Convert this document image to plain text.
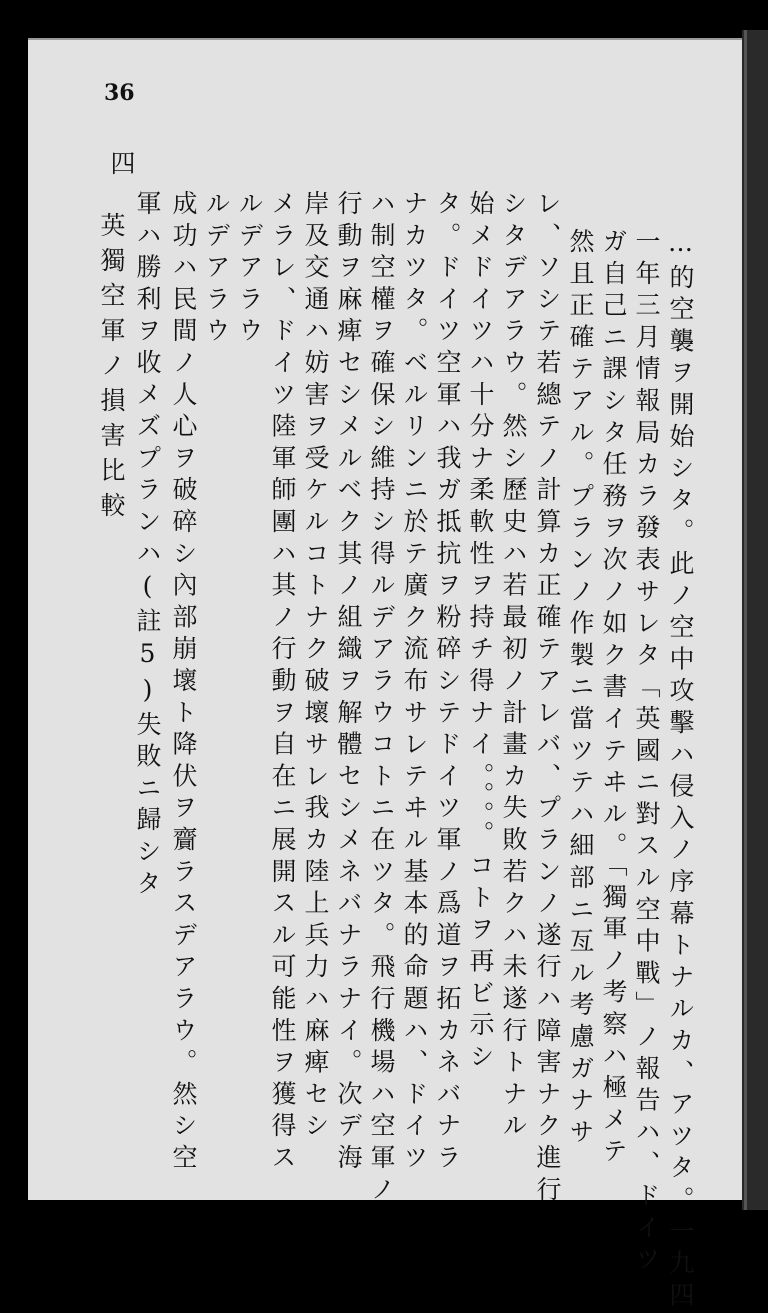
36
…的空襲ヲ開始シタ。此ノ空中攻擊ハ侵入ノ序幕トナルカ、アツタ。一九四
一年三月情報局カラ發表サレタ「英國ニ對スル空中戰」ノ報告ハ、ドイツ
ガ自己ニ課シタ任務ヲ次ノ如ク書イテヰル。「獨軍ノ考察ハ極メテ
然且正確テアル。プランノ作製ニ當ツテハ細部ニ亙ル考慮ガナサ
レ、ソシテ若總テノ計算カ正確テアレバ、プランノ遂行ハ障害ナク進行
シタデアラウ。然シ歷史ハ若最初ノ計畫カ失敗若クハ未遂行トナル
始メドイツハ十分ナ柔軟性ヲ持チ得ナイ。。。。コトヲ再ビ示シ
タ。ドイツ空軍ハ我ガ抵抗ヲ粉碎シテドイツ軍ノ爲道ヲ拓カネバナラ
ナカツタ。ベルリンニ於テ廣ク流布サレテヰル基本的命題ハ、ドイツ
ハ制空權ヲ確保シ維持シ得ルデアラウコトニ在ツタ。飛行機場ハ空軍ノ
行動ヲ麻痺セシメルベク其ノ組織ヲ解體セシメネバナラナイ。次デ海
岸及交通ハ妨害ヲ受ケルコトナク破壞サレ我カ陸上兵力ハ麻痺セシ
メラレ、ドイツ陸軍師團ハ其ノ行動ヲ自在ニ展開スル可能性ヲ獲得ス
ルデアラウ
ルデアラウ
成功ハ民間ノ人心ヲ破碎シ內部崩壞ト降伏ヲ齎ラスデアラウ。然シ空
軍ハ勝利ヲ收メズプランハ(註5)失敗ニ歸シタ
英獨空軍ノ損害比較
四
